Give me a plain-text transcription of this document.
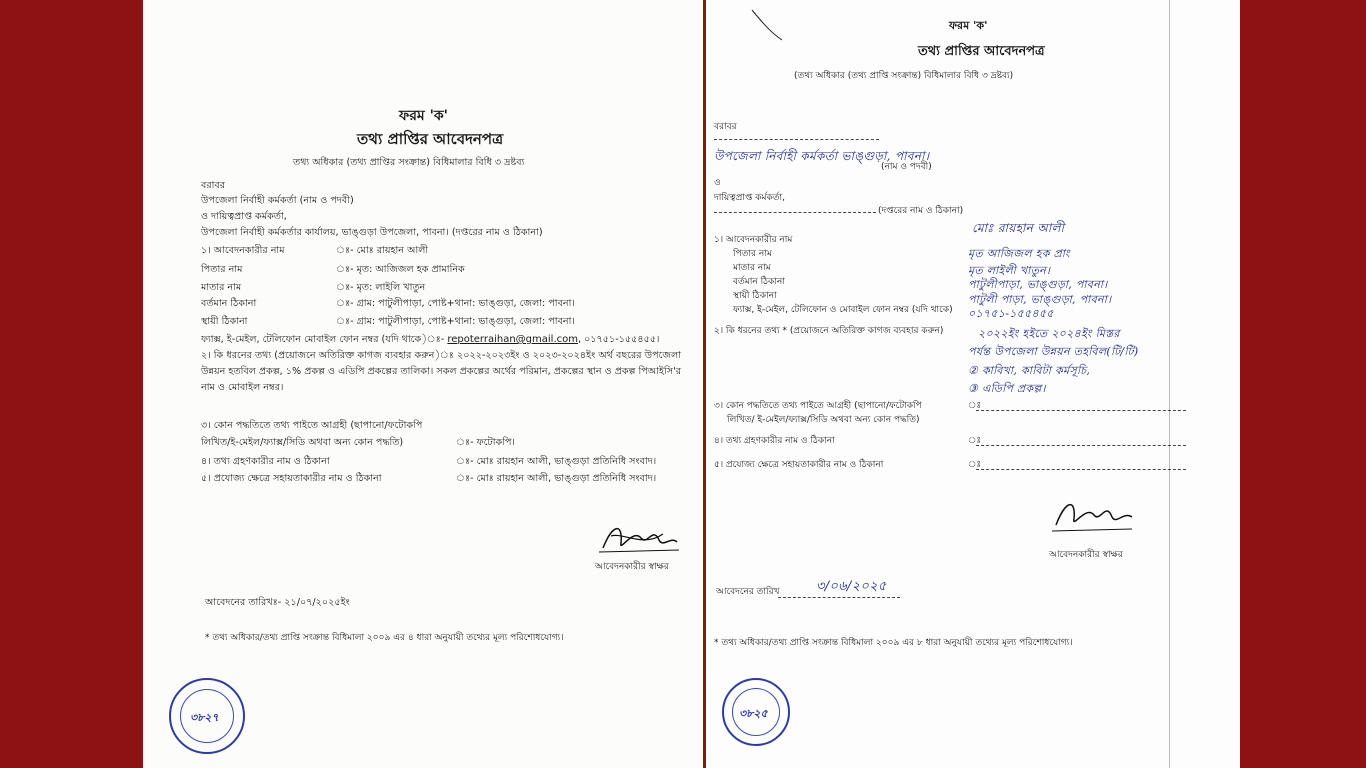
ফরম 'ক'
তথ্য প্রাপ্তির আবেদনপত্র
তথ্য অধিকার (তথ্য প্রাপ্তির সংক্রান্ত) বিধিমালার বিধি ৩ দ্রষ্টব্য
বরাবর
উপজেলা নির্বাহী কর্মকর্তা (নাম ও পদবী)
ও দায়িত্বপ্রাপ্ত কর্মকর্তা,
উপজেলা নির্বাহী কর্মকর্তার কার্যালয়, ভাঙ্গুড়া উপজেলা, পাবনা। (দপ্তরের নাম ও ঠিকানা)
১। আবেদনকারীর নাম	ঃ- মোঃ রায়হান আলী
পিতার নাম	ঃ- মৃত: আজিজল হক প্রামানিক
মাতার নাম	ঃ- মৃত: লাইলি খাতুন
বর্তমান ঠিকানা	ঃ- গ্রাম: পাটুলীপাড়া, পোষ্ট+থানা: ভাঙ্গুড়া, জেলা: পাবনা।
স্থায়ী ঠিকানা	ঃ- গ্রাম: পাটুলীপাড়া, পোষ্ট+থানা: ভাঙ্গুড়া, জেলা: পাবনা।
ফ্যাক্স, ই-মেইল, টেলিফোন মোবাইল ফোন নম্বর (যদি থাকে)ঃ- repoterraihan@gmail.com, ০১৭৫১-১৫৫৪৫৫।
২। কি ধরনের তথ্য (প্রয়োজনে অতিরিক্ত কাগজ ব্যবহার করুন)ঃ ২০২২-২০২৩ইং ও ২০২৩-২০২৪ইং অর্থ বছরের উপজেলা উন্নয়ন হতবিল প্রকল্প, ১% প্রকল্প ও এডিপি প্রকল্পের তালিকা। সকল প্রকল্পের অর্থের পরিমান, প্রকল্পের স্থান ও প্রকল্প পিআইসি'র নাম ও মোবাইল নম্বর।
৩। কোন পদ্ধতিতে তথ্য পাইতে আগ্রহী (ছাপানো/ফটোকপি
লিখিত/ই-মেইল/ফ্যাক্স/সিডি অথবা অন্য কোন পদ্ধতি)	ঃ- ফটোকপি।
৪। তথ্য গ্রহণকারীর নাম ও ঠিকানা	ঃ- মোঃ রায়হান আলী, ভাঙ্গুড়া প্রতিনিধি সংবাদ।
৫। প্রযোজ্য ক্ষেত্রে সহায়তাকারীর নাম ও ঠিকানা	ঃ- মোঃ রায়হান আলী, ভাঙ্গুড়া প্রতিনিধি সংবাদ।
আবেদনকারীর স্বাক্ষর
আবেদনের তারিখঃ- ২১/০৭/২০২৫ইং
* তথ্য অধিকার/তথ্য প্রাপ্তি সংক্রান্ত বিধিমালা ২০০৯ এর ৪ ধারা অনুযায়ী তথ্যের মূল্য পরিশোধযোগ্য।
৩৮২৭
ফরম 'ক'
তথ্য প্রাপ্তির আবেদনপত্র
(তথ্য অধিকার (তথ্য প্রাপ্তি সংক্রান্ত) বিধিমালার বিধি ৩ দ্রষ্টব্য)
বরাবর
উপজেলা নির্বাহী কর্মকর্তা ভাঙ্গুড়া, পাবনা।
(নাম ও পদবী)
ও
দায়িত্বপ্রাপ্ত কর্মকর্তা,
(দপ্তরের নাম ও ঠিকানা)
১। আবেদনকারীর নাম
মোঃ রায়হান আলী
পিতার নাম	মৃত আজিজল হক প্রাং
মাতার নাম	মৃত লাইলী খাতুন।
বর্তমান ঠিকানা	পাটুলীপাড়া, ভাঙ্গুড়া, পাবনা।
স্থায়ী ঠিকানা	পাটুলী পাড়া, ভাঙ্গুড়া, পাবনা।
ফ্যাক্স, ই-মেইল, টেলিফোন ও মোবাইল ফোন নম্বর (যদি থাকে) ০১৭৫১-১৫৫৪৫৫
২। কি ধরনের তথ্য * (প্রয়োজনে অতিরিক্ত কাগজ ব্যবহার করুন)	২০২২ইং হইতে ২০২৪ইং মিস্তর
পর্যন্ত উপজেলা উন্নয়ন তহবিল(টি/টি)
② কাবিখা, কাবিটা কর্মসূচি,
③ এডিপি প্রকল্প।
৩। কোন পদ্ধতিতে তথ্য পাইতে আগ্রহী (ছাপানো/ফটোকপি
লিখিত/ ই-মেইল/ফ্যাক্স/সিডি অথবা অন্য কোন পদ্ধতি)
ঃ
৪। তথ্য গ্রহণকারীর নাম ও ঠিকানা	ঃ
৫। প্রযোজ্য ক্ষেত্রে সহায়তাকারীর নাম ও ঠিকানা	ঃ
আবেদনকারীর স্বাক্ষর
আবেদনের তারিখ	৩/০৬/২০২৫
* তথ্য অধিকার/তথ্য প্রাপ্তি সংক্রান্ত বিধিমালা ২০০৯ এর ৮ ধারা অনুযায়ী তথ্যের মূল্য পরিশোধযোগ্য।
৩৮২৫
